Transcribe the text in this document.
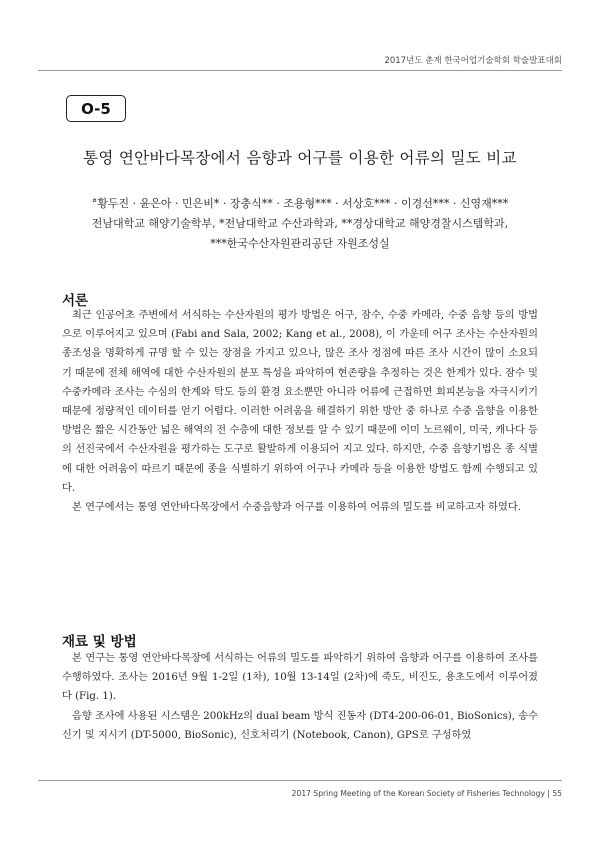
2017년도 춘계 한국어업기술학회 학술발표대회
O-5
통영 연안바다목장에서 음향과 어구를 이용한 어류의 밀도 비교
°황두진 · 윤은아 · 민은비* · 장충식** · 조용형*** · 서상호*** · 이경선*** · 신영재***
전남대학교 해양기술학부, *전남대학교 수산과학과, **경상대학교 해양경찰시스템학과,
***한국수산자원관리공단 자원조성실
서론

최근 인공어초 주변에서 서식하는 수산자원의 평가 방법은 어구, 잠수, 수중 카메라, 수중 음향 등의 방법으로 이루어지고 있으며 (Fabi and Sala, 2002; Kang et al., 2008), 이 가운데 어구 조사는 수산자원의 종조성을 명확하게 규명 할 수 있는 장점을 가지고 있으나, 많은 조사 정점에 따른 조사 시간이 많이 소요되기 때문에 전체 해역에 대한 수산자원의 분포 특성을 파악하여 현존량을 추정하는 것은 한계가 있다. 잠수 및 수중카메라 조사는 수심의 한계와 탁도 등의 환경 요소뿐만 아니라 어류에 근접하면 회피본능을 자극시키기 때문에 정량적인 데이터를 얻기 어렵다. 이러한 어려움을 해결하기 위한 방안 중 하나로 수중 음향을 이용한 방법은 짧은 시간동안 넓은 해역의 전 수층에 대한 정보를 알 수 있기 때문에 이미 노르웨이, 미국, 캐나다 등의 선진국에서 수산자원을 평가하는 도구로 활발하게 이용되어 지고 있다. 하지만, 수중 음향기법은 종 식별에 대한 어려움이 따르기 때문에 종을 식별하기 위하여 어구나 카메라 등을 이용한 방법도 함께 수행되고 있다.

본 연구에서는 통영 연안바다목장에서 수중음향과 어구를 이용하여 어류의 밀도를 비교하고자 하였다.

재료 및 방법

본 연구는 통영 연안바다목장에 서식하는 어류의 밀도를 파악하기 위하여 음향과 어구를 이용하여 조사를 수행하였다. 조사는 2016년 9월 1-2일 (1차), 10월 13-14일 (2차)에 죽도, 비진도, 용초도에서 이루어졌다 (Fig. 1).

음향 조사에 사용된 시스템은 200kHz의 dual beam 방식 진동자 (DT4-200-06-01, BioSonics), 송수신기 및 지시기 (DT-5000, BioSonic), 신호처리기 (Notebook, Canon), GPS로 구성하였

2017 Spring Meeting of the Korean Society of Fisheries Technology | 55
